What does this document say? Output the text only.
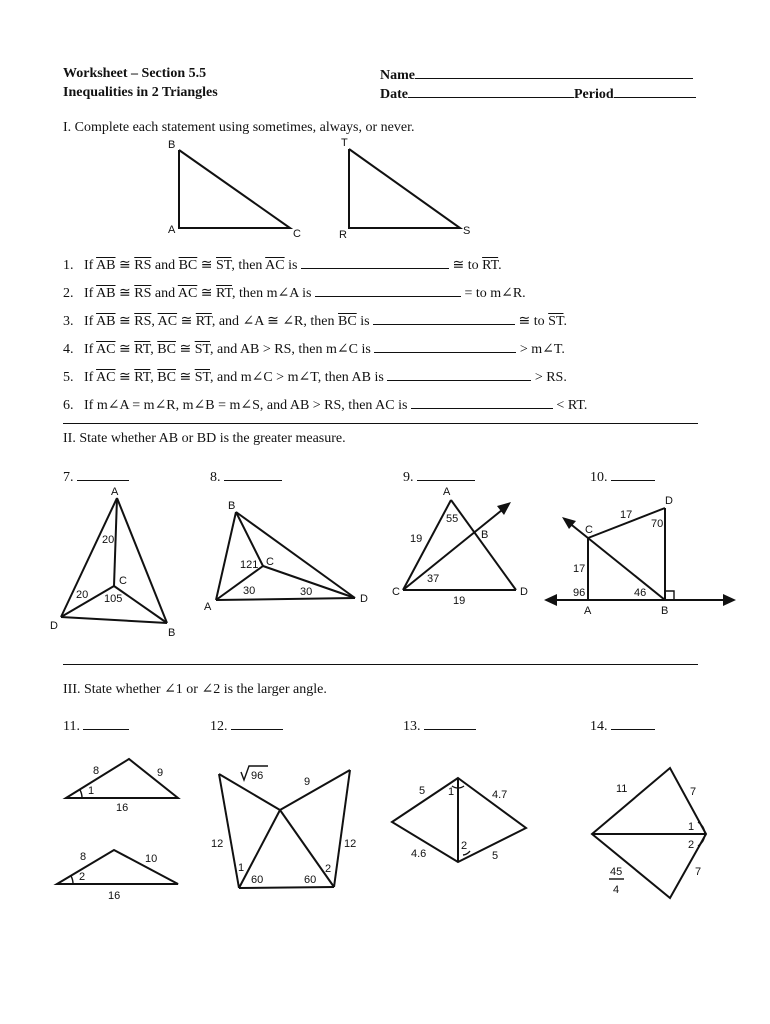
Worksheet – Section 5.5
Inequalities in 2 Triangles
Name
Date	Period
I. Complete each statement using sometimes, always, or never.
1. If $\overline{AB}$ ≅ $\overline{RS}$ and $\overline{BC}$ ≅ $\overline{ST}$, then $\overline{AC}$ is	≅ to $\overline{RT}$.
2. If $\overline{AB}$ ≅ $\overline{RS}$ and $\overline{AC}$ ≅ $\overline{RT}$, then m∠A is	= to m∠R.
3. If $\overline{AB}$ ≅ $\overline{RS}$, $\overline{AC}$ ≅ $\overline{RT}$, and ∠A ≅ ∠R, then $\overline{BC}$ is	≅ to $\overline{ST}$.
4. If $\overline{AC}$ ≅ $\overline{RT}$, $\overline{BC}$ ≅ $\overline{ST}$, and AB > RS, then m∠C is	> m∠T.
5. If $\overline{AC}$ ≅ $\overline{RT}$, $\overline{BC}$ ≅ $\overline{ST}$, and m∠C > m∠T, then AB is	> RS.
6. If m∠A = m∠R, m∠B = m∠S, and AB > RS, then AC is	< RT.
II. State whether AB or BD is the greater measure.
7.	8.	9.	10.
III. State whether ∠1 or ∠2 is the larger angle.
11.	12.	13.	14.
B
A	C
T
R	S
A
20
C
20 105
D
B
B
C
121
30	30
A
D
A
55
19	B
37
C
19
D
D
17
70
C
17
96	46
A	B
8	9
1
16
8	10
2
16
96	9
12	12
1
60	60
2
5 1	4.7
4.6
2
5
11	7
1
2
45
4
7
